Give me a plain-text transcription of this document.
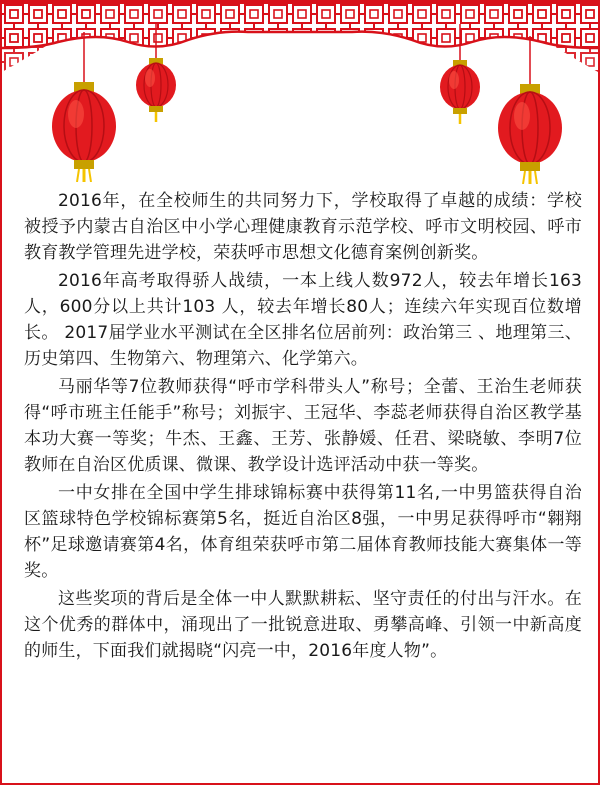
2016年，在全校师生的共同努力下，学校取得了卓越的成绩：学校被授予内蒙古自治区中小学心理健康教育示范学校、呼市文明校园、呼市教育教学管理先进学校，荣获呼市思想文化德育案例创新奖。

2016年高考取得骄人战绩，一本上线人数972人，较去年增长163人，600分以上共计103 人，较去年增长80人；连续六年实现百位数增长。 2017届学业水平测试在全区排名位居前列：政治第三 、地理第三、历史第四、生物第六、物理第六、化学第六。

马丽华等7位教师获得“呼市学科带头人”称号；全蕾、王治生老师获得“呼市班主任能手”称号；刘振宇、王冠华、李蕊老师获得自治区教学基本功大赛一等奖；牛杰、王鑫、王芳、张静媛、任君、梁晓敏、李明7位教师在自治区优质课、微课、教学设计选评活动中获一等奖。

一中女排在全国中学生排球锦标赛中获得第11名,一中男篮获得自治区篮球特色学校锦标赛第5名，挺近自治区8强，一中男足获得呼市“翱翔杯”足球邀请赛第4名，体育组荣获呼市第二届体育教师技能大赛集体一等奖。

这些奖项的背后是全体一中人默默耕耘、坚守责任的付出与汗水。在这个优秀的群体中，涌现出了一批锐意进取、勇攀高峰、引领一中新高度的师生，下面我们就揭晓“闪亮一中，2016年度人物”。
